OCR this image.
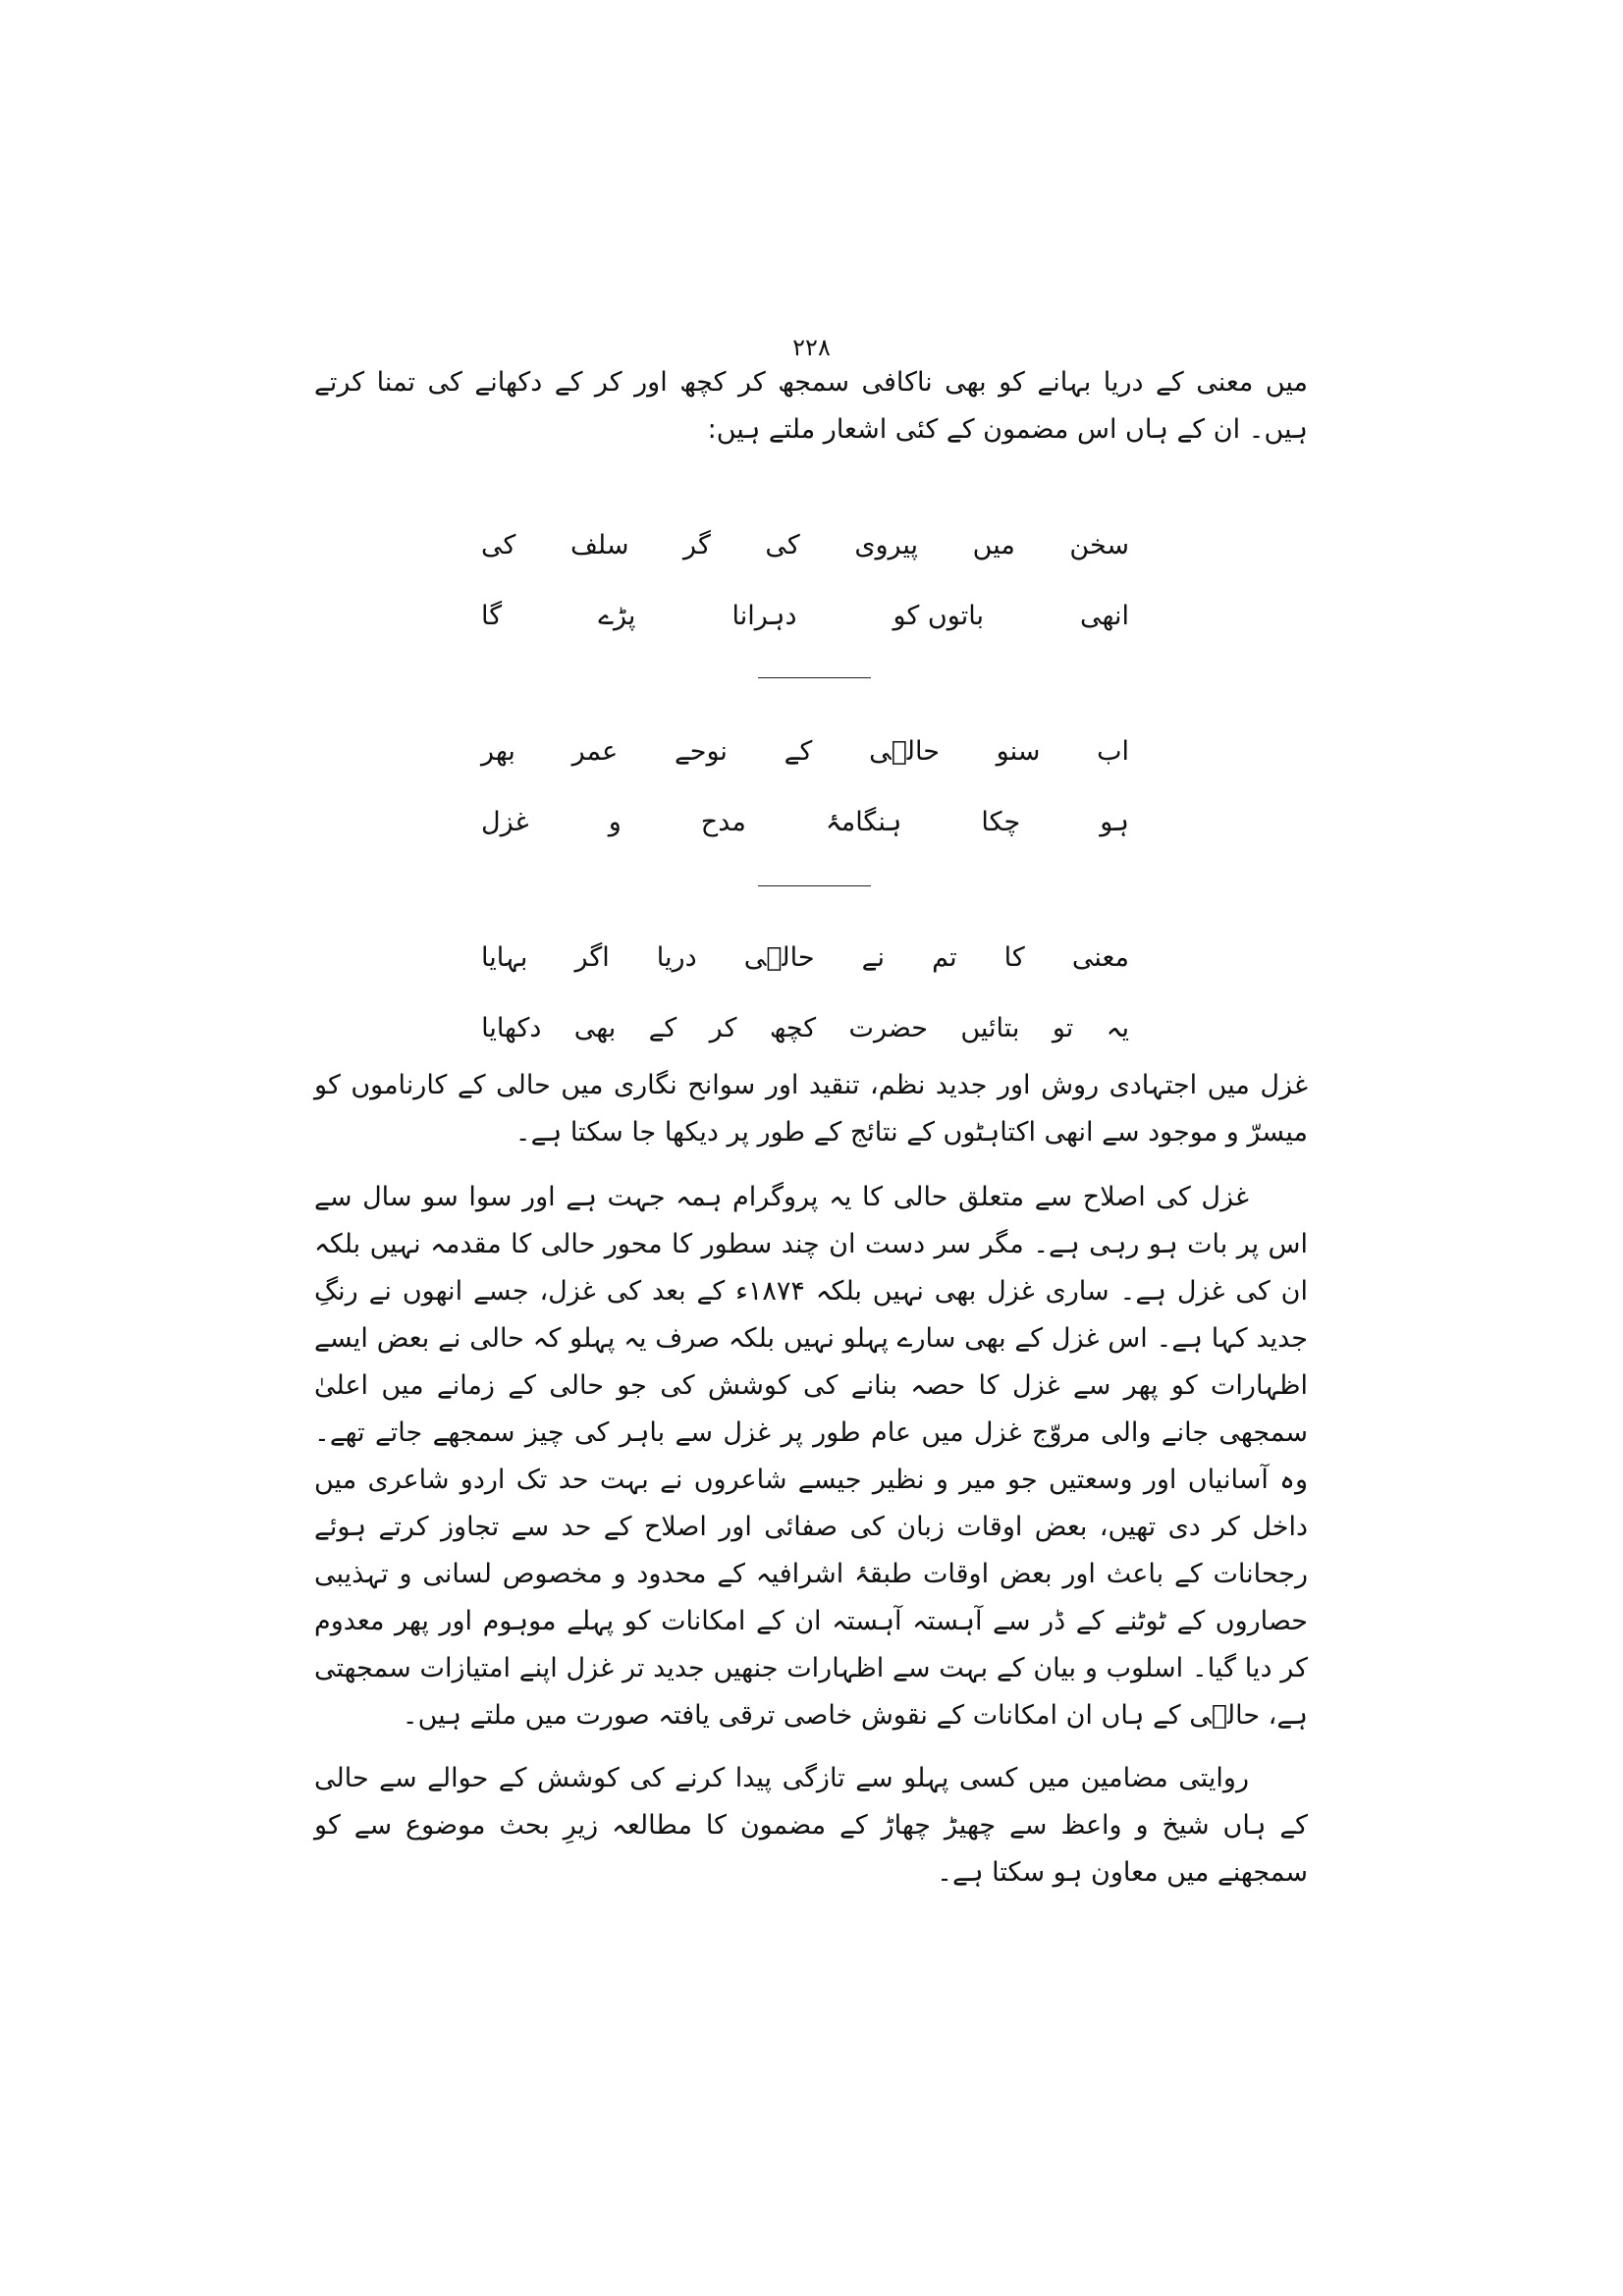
۲۲۸

میں معنی کے دریا بہانے کو بھی ناکافی سمجھ کر کچھ اور کر کے دکھانے کی تمنا کرتے ہیں۔ ان کے ہاں اس مضمون کے کئی اشعار ملتے ہیں:

سخن
میں
پیروی
کی
گر
سلف
کی
انھی
باتوں کو
دہرانا
پڑے
گا
اب
سنو
حالؔی
کے
نوحے
عمر
بھر
ہو
چکا
ہنگامۂ
مدح
و
غزل
معنی
کا
تم
نے
حالؔی
دریا
اگر
بہایا
یہ
تو
بتائیں
حضرت
کچھ
کر
کے
بھی
دکھایا

غزل میں اجتہادی روش اور جدید نظم، تنقید اور سوانح نگاری میں حالی کے کارناموں کو میسرّ و موجود سے انھی اکتاہٹوں کے نتائج کے طور پر دیکھا جا سکتا ہے۔

غزل کی اصلاح سے متعلق حالی کا یہ پروگرام ہمہ جہت ہے اور سوا سو سال سے اس پر بات ہو رہی ہے۔ مگر سر دست ان چند سطور کا محور حالی کا مقدمہ نہیں بلکہ ان کی غزل ہے۔ ساری غزل بھی نہیں بلکہ ۱۸۷۴ء کے بعد کی غزل، جسے انھوں نے رنگِ جدید کہا ہے۔ اس غزل کے بھی سارے پہلو نہیں بلکہ صرف یہ پہلو کہ حالی نے بعض ایسے اظہارات کو پھر سے غزل کا حصہ بنانے کی کوشش کی جو حالی کے زمانے میں اعلیٰ سمجھی جانے والی مروّج غزل میں عام طور پر غزل سے باہر کی چیز سمجھے جاتے تھے۔ وہ آسانیاں اور وسعتیں جو میر و نظیر جیسے شاعروں نے بہت حد تک اردو شاعری میں داخل کر دی تھیں، بعض اوقات زبان کی صفائی اور اصلاح کے حد سے تجاوز کرتے ہوئے رجحانات کے باعث اور بعض اوقات طبقۂ اشرافیہ کے محدود و مخصوص لسانی و تہذیبی حصاروں کے ٹوٹنے کے ڈر سے آہستہ آہستہ ان کے امکانات کو پہلے موہوم اور پھر معدوم کر دیا گیا۔ اسلوب و بیان کے بہت سے اظہارات جنھیں جدید تر غزل اپنے امتیازات سمجھتی ہے، حالؔی کے ہاں ان امکانات کے نقوش خاصی ترقی یافتہ صورت میں ملتے ہیں۔

روایتی مضامین میں کسی پہلو سے تازگی پیدا کرنے کی کوشش کے حوالے سے حالی کے ہاں شیخ و واعظ سے چھیڑ چھاڑ کے مضمون کا مطالعہ زیرِ بحث موضوع سے کو سمجھنے میں معاون ہو سکتا ہے۔
